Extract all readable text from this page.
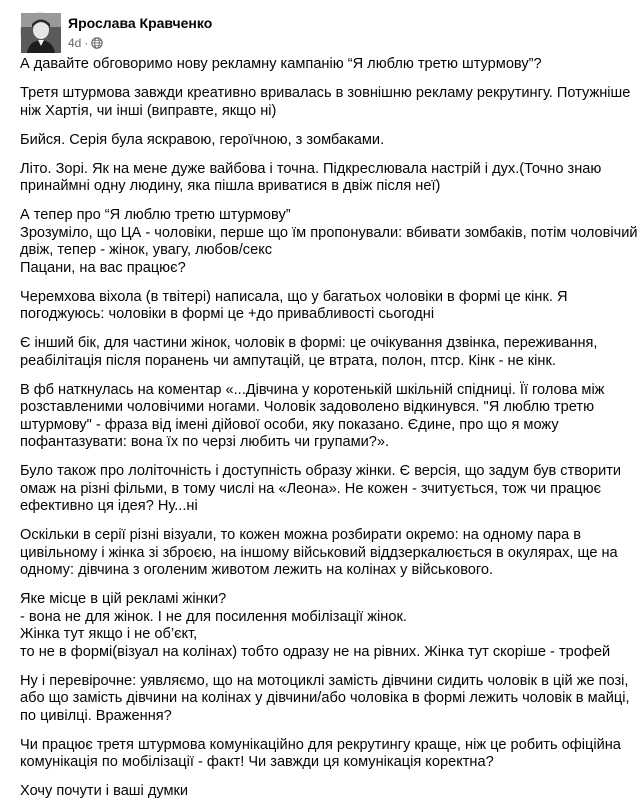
Ярослава Кравченко
4d ·
А давайте обговоримо нову рекламну кампанію “Я люблю третю штурмову”?
Третя штурмова завжди креативно вривалась в зовнішню рекламу рекрутингу. Потужніше
ніж Хартія, чи інші (виправте, якщо ні)
Бийся. Серія була яскравою, героїчною, з зомбаками.
Літо. Зорі. Як на мене дуже вайбова і точна. Підкреслювала настрій і дух.(Точно знаю
принаймні одну людину, яка пішла вриватися в двіж після неї)
А тепер про “Я люблю третю штурмову”
Зрозуміло, що ЦА - чоловіки, перше що їм пропонували: вбивати зомбаків, потім чоловічий
двіж, тепер - жінок, увагу, любов/секс
Пацани, на вас працює?
Черемхова віхола (в твітері) написала, що у багатьох чоловіки в формі це кінк. Я
погоджуюсь: чоловіки в формі це +до привабливості сьогодні
Є інший бік, для частини жінок, чоловік в формі: це очікування дзвінка, переживання,
реабілітація після поранень чи ампутацій, це втрата, полон, птср. Кінк - не кінк.
В фб наткнулась на коментар «...Дівчина у коротенькій шкільній спідниці. Її голова між
розставленими чоловічими ногами. Чоловік задоволено відкинувся. "Я люблю третю
штурмову" - фраза від імені дійової особи, яку показано. Єдине, про що я можу
пофантазувати: вона їх по черзі любить чи групами?».
Було також про лоліточність і доступність образу жінки. Є версія, що задум був створити
омаж на різні фільми, в тому числі на «Леона». Не кожен - зчитується, тож чи працює
ефективно ця ідея? Ну...ні
Оскільки в серії різні візуали, то кожен можна розбирати окремо: на одному пара в
цивільному і жінка зі зброєю, на іншому військовий віддзеркалюється в окулярах, ще на
одному: дівчина з оголеним животом лежить на колінах у військового.
Яке місце в цій рекламі жінки?
- вона не для жінок. І не для посилення мобілізації жінок.
Жінка тут якщо і не об’єкт,
то не в формі(візуал на колінах) тобто одразу не на рівних. Жінка тут скоріше - трофей
Ну і перевірочне: уявляємо, що на мотоциклі замість дівчини сидить чоловік в цій же позі,
або що замість дівчини на колінах у дівчини/або чоловіка в формі лежить чоловік в майці,
по цивілці. Враження?
Чи працює третя штурмова комунікаційно для рекрутингу краще, ніж це робить офіційна
комунікація по мобілізації - факт! Чи завжди ця комунікація коректна?
Хочу почути і ваші думки
